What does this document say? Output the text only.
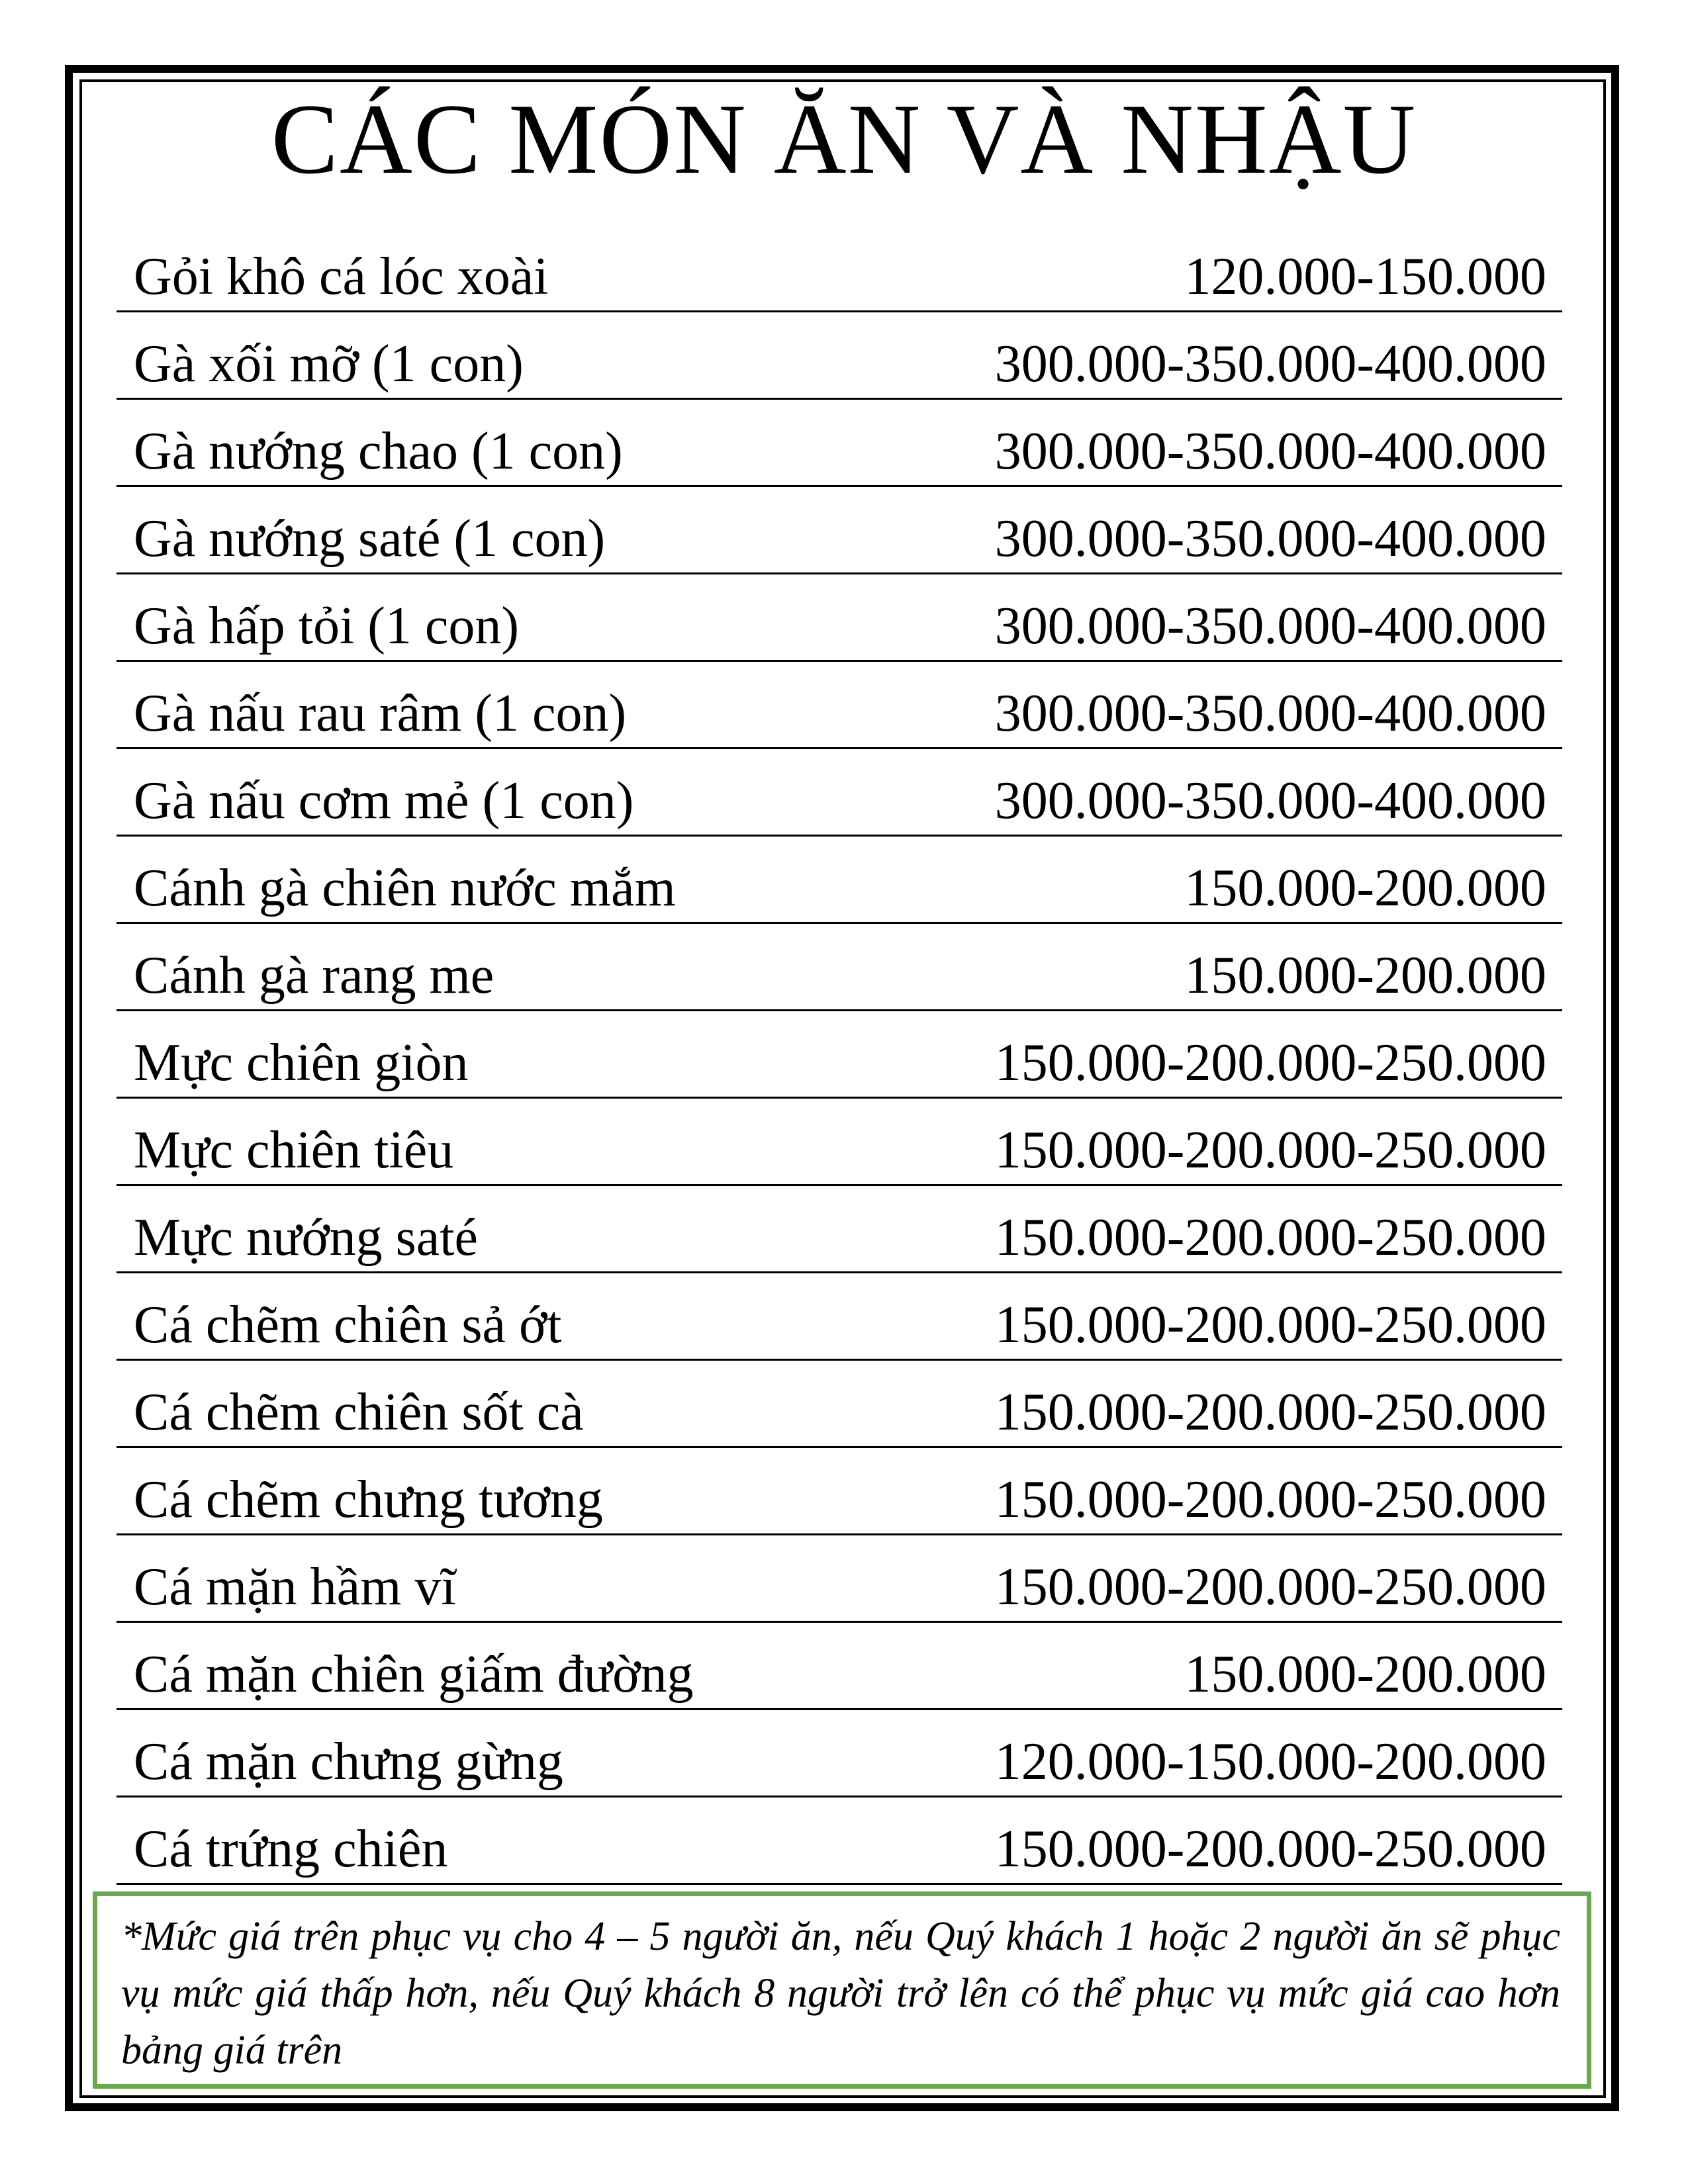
CÁC MÓN ĂN VÀ NHẬU
Gỏi khô cá lóc xoài	120.000-150.000
Gà xối mỡ (1 con)	300.000-350.000-400.000
Gà nướng chao (1 con)	300.000-350.000-400.000
Gà nướng saté (1 con)	300.000-350.000-400.000
Gà hấp tỏi (1 con)	300.000-350.000-400.000
Gà nấu rau râm (1 con)	300.000-350.000-400.000
Gà nấu cơm mẻ (1 con)	300.000-350.000-400.000
Cánh gà chiên nước mắm	150.000-200.000
Cánh gà rang me	150.000-200.000
Mực chiên giòn	150.000-200.000-250.000
Mực chiên tiêu	150.000-200.000-250.000
Mực nướng saté	150.000-200.000-250.000
Cá chẽm chiên sả ớt	150.000-200.000-250.000
Cá chẽm chiên sốt cà	150.000-200.000-250.000
Cá chẽm chưng tương	150.000-200.000-250.000
Cá mặn hầm vĩ	150.000-200.000-250.000
Cá mặn chiên giấm đường	150.000-200.000
Cá mặn chưng gừng	120.000-150.000-200.000
Cá trứng chiên	150.000-200.000-250.000
*Mức giá trên phục vụ cho 4 – 5 người ăn, nếu Quý khách 1 hoặc 2 người ăn sẽ phục vụ mức giá thấp hơn, nếu Quý khách 8 người trở lên có thể phục vụ mức giá cao hơn bảng giá trên
